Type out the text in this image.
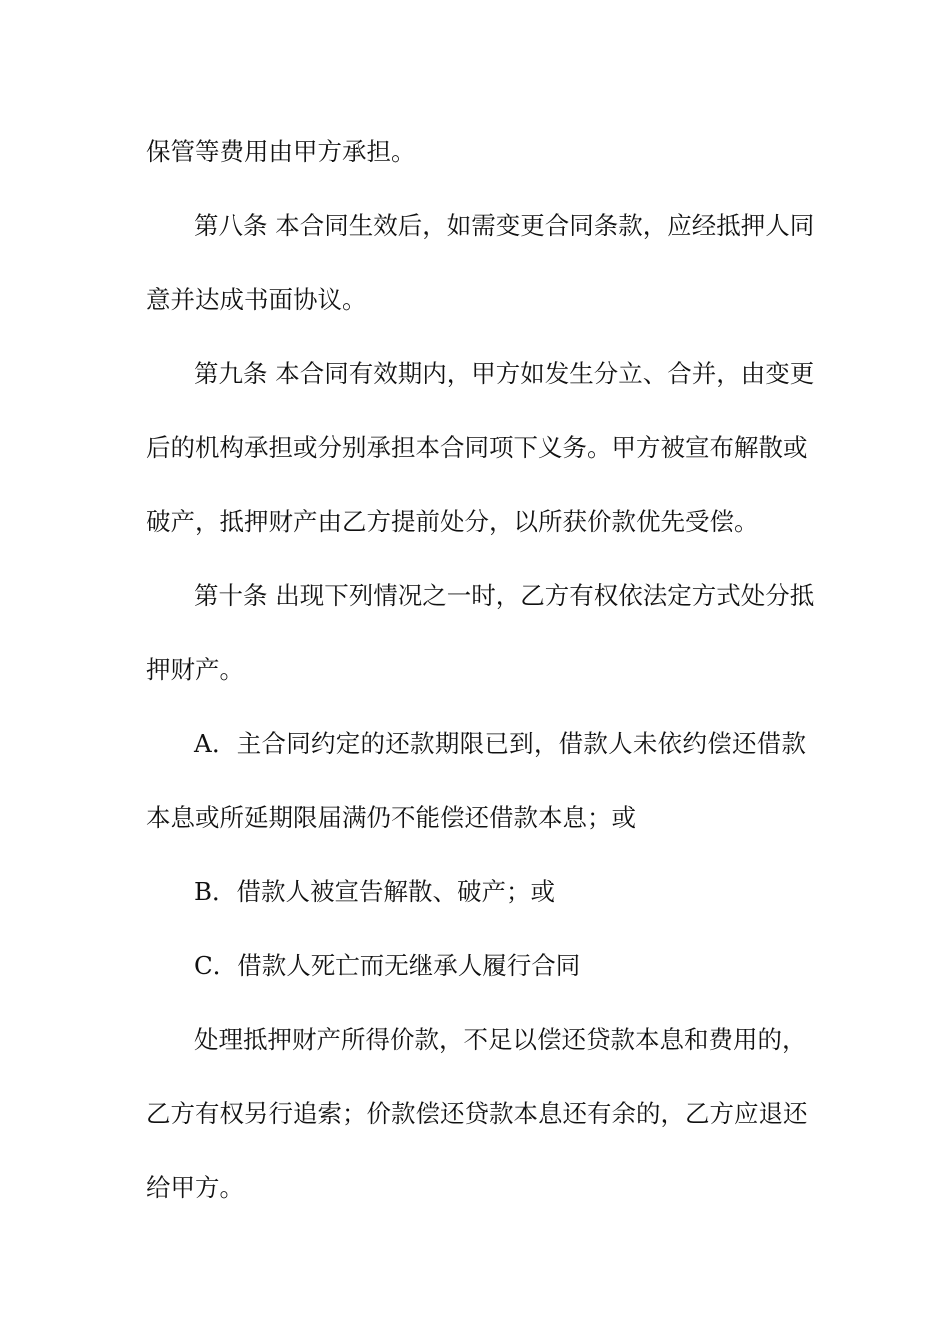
保管等费用由甲方承担。
第八条 本合同生效后，如需变更合同条款，应经抵押人同
意并达成书面协议。
第九条 本合同有效期内，甲方如发生分立、合并，由变更
后的机构承担或分别承担本合同项下义务。甲方被宣布解散或
破产，抵押财产由乙方提前处分，以所获价款优先受偿。
第十条 出现下列情况之一时，乙方有权依法定方式处分抵
押财产。
A．主合同约定的还款期限已到，借款人未依约偿还借款
本息或所延期限届满仍不能偿还借款本息；或
B．借款人被宣告解散、破产；或
C．借款人死亡而无继承人履行合同
处理抵押财产所得价款，不足以偿还贷款本息和费用的，
乙方有权另行追索；价款偿还贷款本息还有余的，乙方应退还
给甲方。
